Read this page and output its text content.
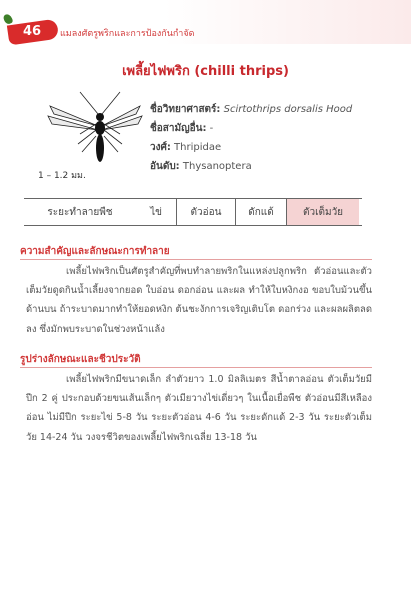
46	แมลงศัตรูพริกและการป้องกันกำจัด
เพลี้ยไฟพริก (chilli thrips)
1 – 1.2 มม.
ชื่อวิทยาศาสตร์: Scirtothrips dorsalis Hood
ชื่อสามัญอื่น: -
วงศ์: Thripidae
อันดับ: Thysanoptera
ระยะทำลายพืช	ไข่	ตัวอ่อน	ดักแด้	ตัวเต็มวัย
ความสำคัญและลักษณะการทำลาย

เพลี้ยไฟพริกเป็นศัตรูสำคัญที่พบทำลายพริกในแหล่งปลูกพริก ตัวอ่อนและตัวเต็มวัยดูดกินน้ำเลี้ยงจากยอด ใบอ่อน ดอกอ่อน และผล ทำให้ใบหงิกงอ ขอบใบม้วนขึ้นด้านบน ถ้าระบาดมากทำให้ยอดหงิก ต้นชะงักการเจริญเติบโต ดอกร่วง และผลผลิตลดลง ซึ่งมักพบระบาดในช่วงหน้าแล้ง

รูปร่างลักษณะและชีวประวัติ

เพลี้ยไฟพริกมีขนาดเล็ก ลำตัวยาว 1.0 มิลลิเมตร สีน้ำตาลอ่อน ตัวเต็มวัยมีปีก 2 คู่ ประกอบด้วยขนเส้นเล็กๆ ตัวเมียวางไข่เดี่ยวๆ ในเนื้อเยื่อพืช ตัวอ่อนมีสีเหลืองอ่อน ไม่มีปีก ระยะไข่ 5-8 วัน ระยะตัวอ่อน 4-6 วัน ระยะดักแด้ 2-3 วัน ระยะตัวเต็มวัย 14-24 วัน วงจรชีวิตของเพลี้ยไฟพริกเฉลี่ย 13-18 วัน
